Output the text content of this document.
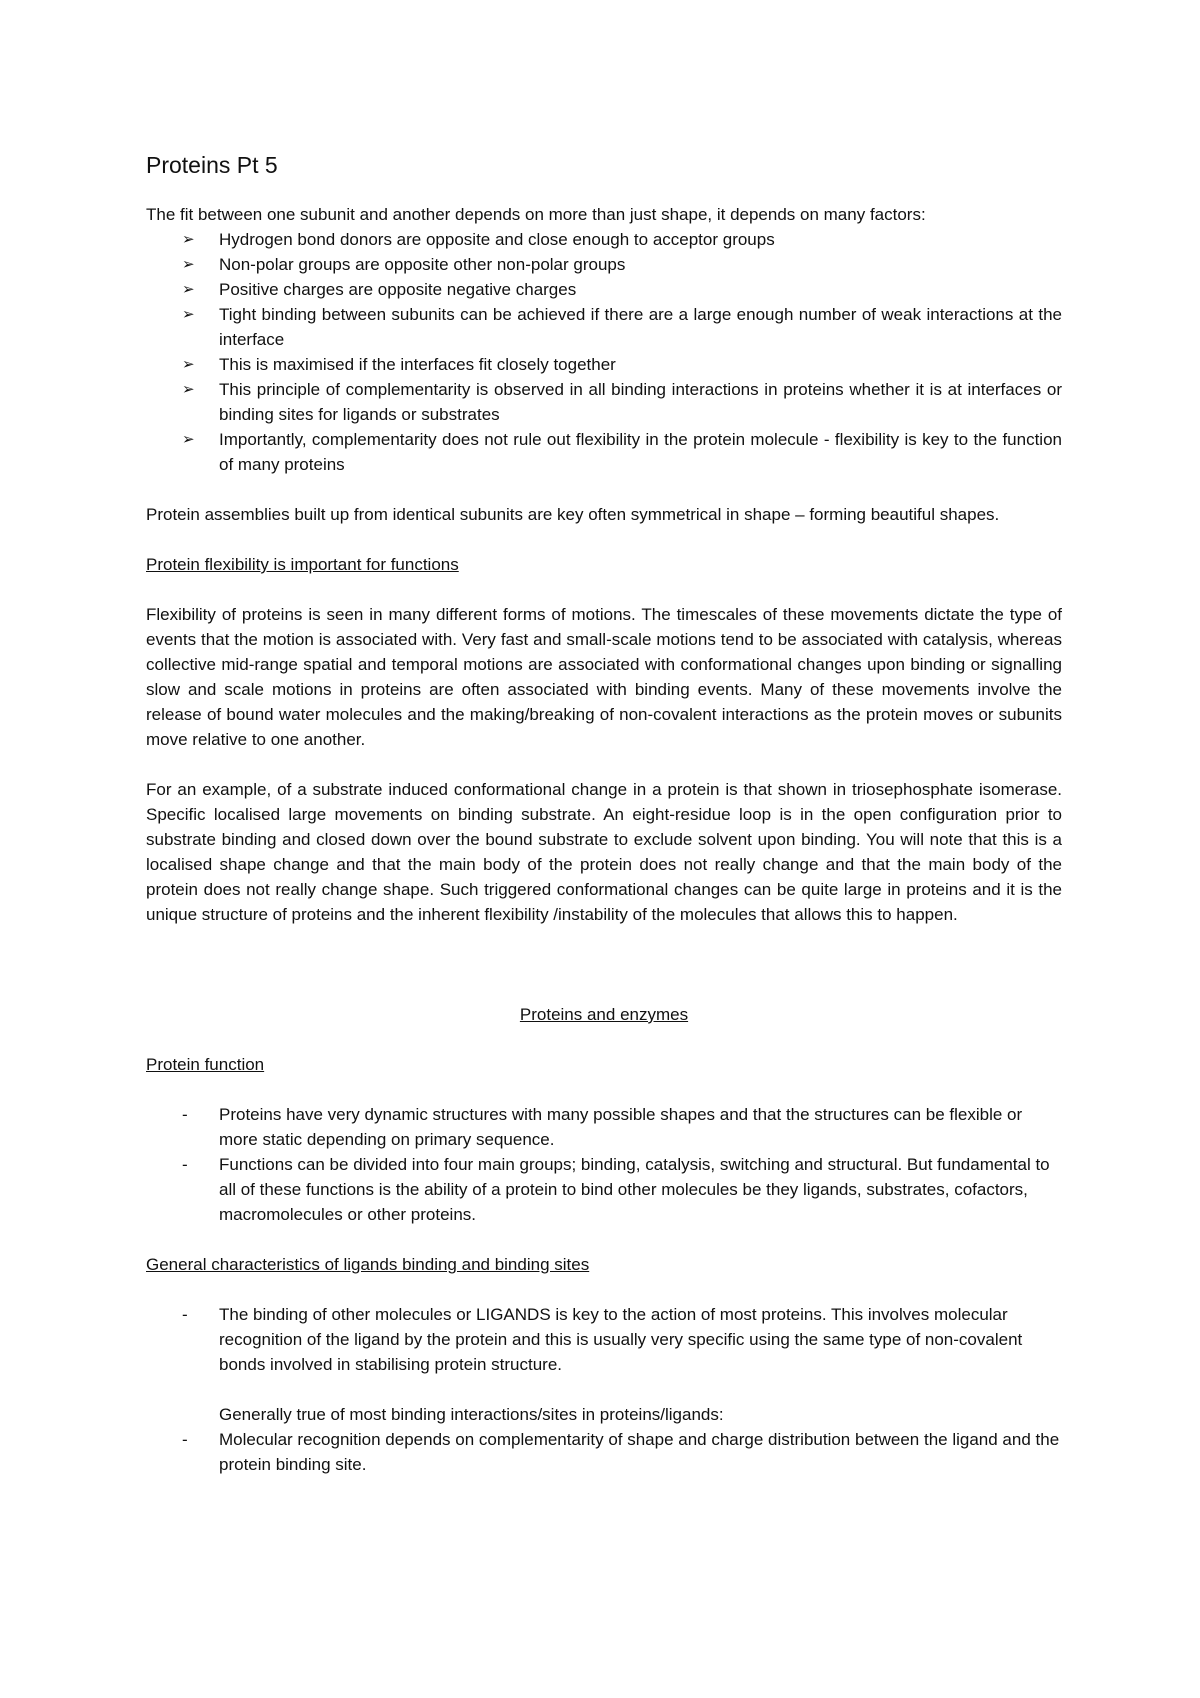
Proteins Pt 5

The fit between one subunit and another depends on more than just shape, it depends on many factors:

➢	Hydrogen bond donors are opposite and close enough to acceptor groups
➢	Non-polar groups are opposite other non-polar groups
➢	Positive charges are opposite negative charges
➢	Tight binding between subunits can be achieved if there are a large enough number of weak interactions at the interface
➢	This is maximised if the interfaces fit closely together
➢	This principle of complementarity is observed in all binding interactions in proteins whether it is at interfaces or binding sites for ligands or substrates
➢	Importantly, complementarity does not rule out flexibility in the protein molecule - flexibility is key to the function of many proteins

Protein assemblies built up from identical subunits are key often symmetrical in shape – forming beautiful shapes.

Protein flexibility is important for functions

Flexibility of proteins is seen in many different forms of motions. The timescales of these movements dictate the type of events that the motion is associated with. Very fast and small-scale motions tend to be associated with catalysis, whereas collective mid-range spatial and temporal motions are associated with conformational changes upon binding or signalling slow and scale motions in proteins are often associated with binding events. Many of these movements involve the release of bound water molecules and the making/breaking of non-covalent interactions as the protein moves or subunits move relative to one another.

For an example, of a substrate induced conformational change in a protein is that shown in triosephosphate isomerase. Specific localised large movements on binding substrate. An eight-residue loop is in the open configuration prior to substrate binding and closed down over the bound substrate to exclude solvent upon binding. You will note that this is a localised shape change and that the main body of the protein does not really change and that the main body of the protein does not really change shape. Such triggered conformational changes can be quite large in proteins and it is the unique structure of proteins and the inherent flexibility /instability of the molecules that allows this to happen.

Proteins and enzymes

Protein function

- Proteins have very dynamic structures with many possible shapes and that the structures can be flexible or more static depending on primary sequence.
- Functions can be divided into four main groups; binding, catalysis, switching and structural. But fundamental to all of these functions is the ability of a protein to bind other molecules be they ligands, substrates, cofactors, macromolecules or other proteins.

General characteristics of ligands binding and binding sites

- The binding of other molecules or LIGANDS is key to the action of most proteins. This involves molecular recognition of the ligand by the protein and this is usually very specific using the same type of non-covalent bonds involved in stabilising protein structure.

Generally true of most binding interactions/sites in proteins/ligands:

- Molecular recognition depends on complementarity of shape and charge distribution between the ligand and the protein binding site.
